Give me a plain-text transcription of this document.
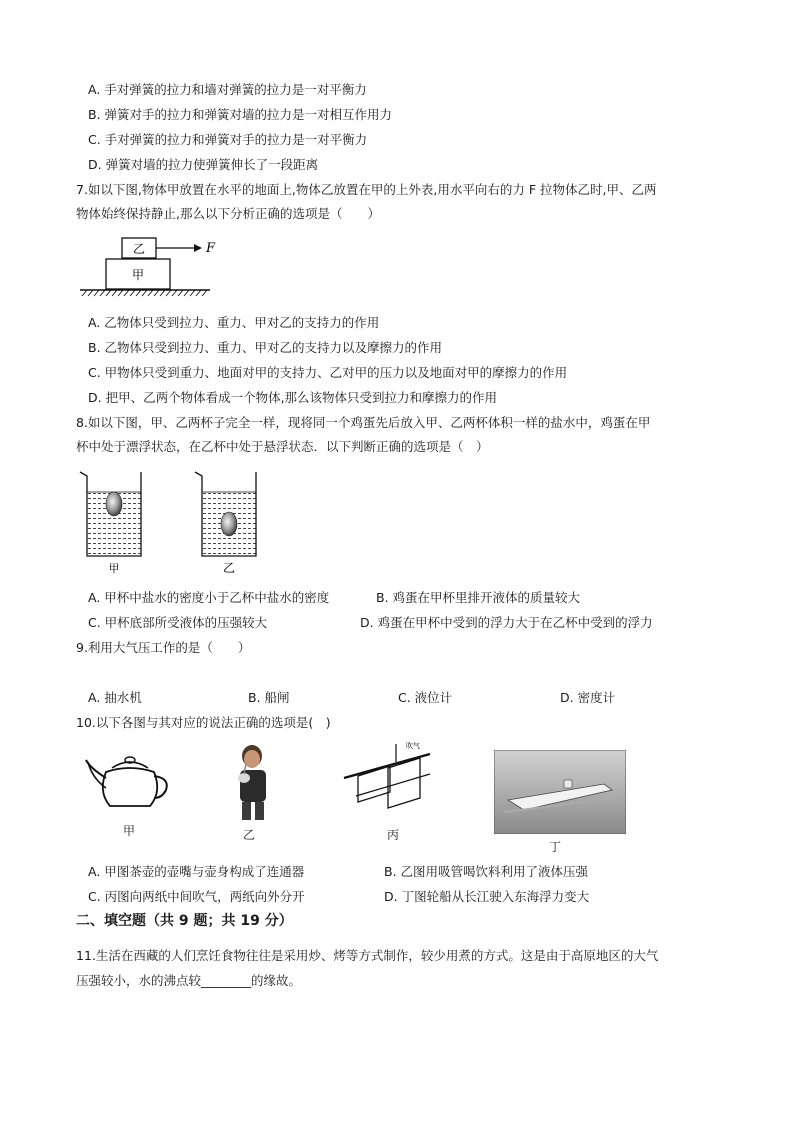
A. 手对弹簧的拉力和墙对弹簧的拉力是一对平衡力
B. 弹簧对手的拉力和弹簧对墙的拉力是一对相互作用力
C. 手对弹簧的拉力和弹簧对手的拉力是一对平衡力
D. 弹簧对墙的拉力使弹簧伸长了一段距离
7.如以下图,物体甲放置在水平的地面上,物体乙放置在甲的上外表,用水平向右的力 F 拉物体乙时,甲、乙两
物体始终保持静止,那么以下分析正确的选项是（　　）
乙
甲
F
A. 乙物体只受到拉力、重力、甲对乙的支持力的作用
B. 乙物体只受到拉力、重力、甲对乙的支持力以及摩擦力的作用
C. 甲物体只受到重力、地面对甲的支持力、乙对甲的压力以及地面对甲的摩擦力的作用
D. 把甲、乙两个物体看成一个物体,那么该物体只受到拉力和摩擦力的作用
8.如以下图，甲、乙两杯子完全一样，现将同一个鸡蛋先后放入甲、乙两杯体积一样的盐水中，鸡蛋在甲
杯中处于漂浮状态，在乙杯中处于悬浮状态．以下判断正确的选项是（　）
甲	乙
A. 甲杯中盐水的密度小于乙杯中盐水的密度	B. 鸡蛋在甲杯里排开液体的质量较大
C. 甲杯底部所受液体的压强较大	D. 鸡蛋在甲杯中受到的浮力大于在乙杯中受到的浮力
9.利用大气压工作的是（　　）
A. 抽水机	B. 船闸	C. 液位计	D. 密度计
10.以下各图与其对应的说法正确的选项是(　)
甲	乙
吹气
丙
丁
A. 甲图茶壶的壶嘴与壶身构成了连通器	B. 乙图用吸管喝饮料利用了液体压强
C. 丙图向两纸中间吹气，两纸向外分开	D. 丁图轮船从长江驶入东海浮力变大
二、填空题（共 9 题；共 19 分）
11.生活在西藏的人们烹饪食物往往是采用炒、烤等方式制作，较少用煮的方式。这是由于高原地区的大气
压强较小，水的沸点较________的缘故。
